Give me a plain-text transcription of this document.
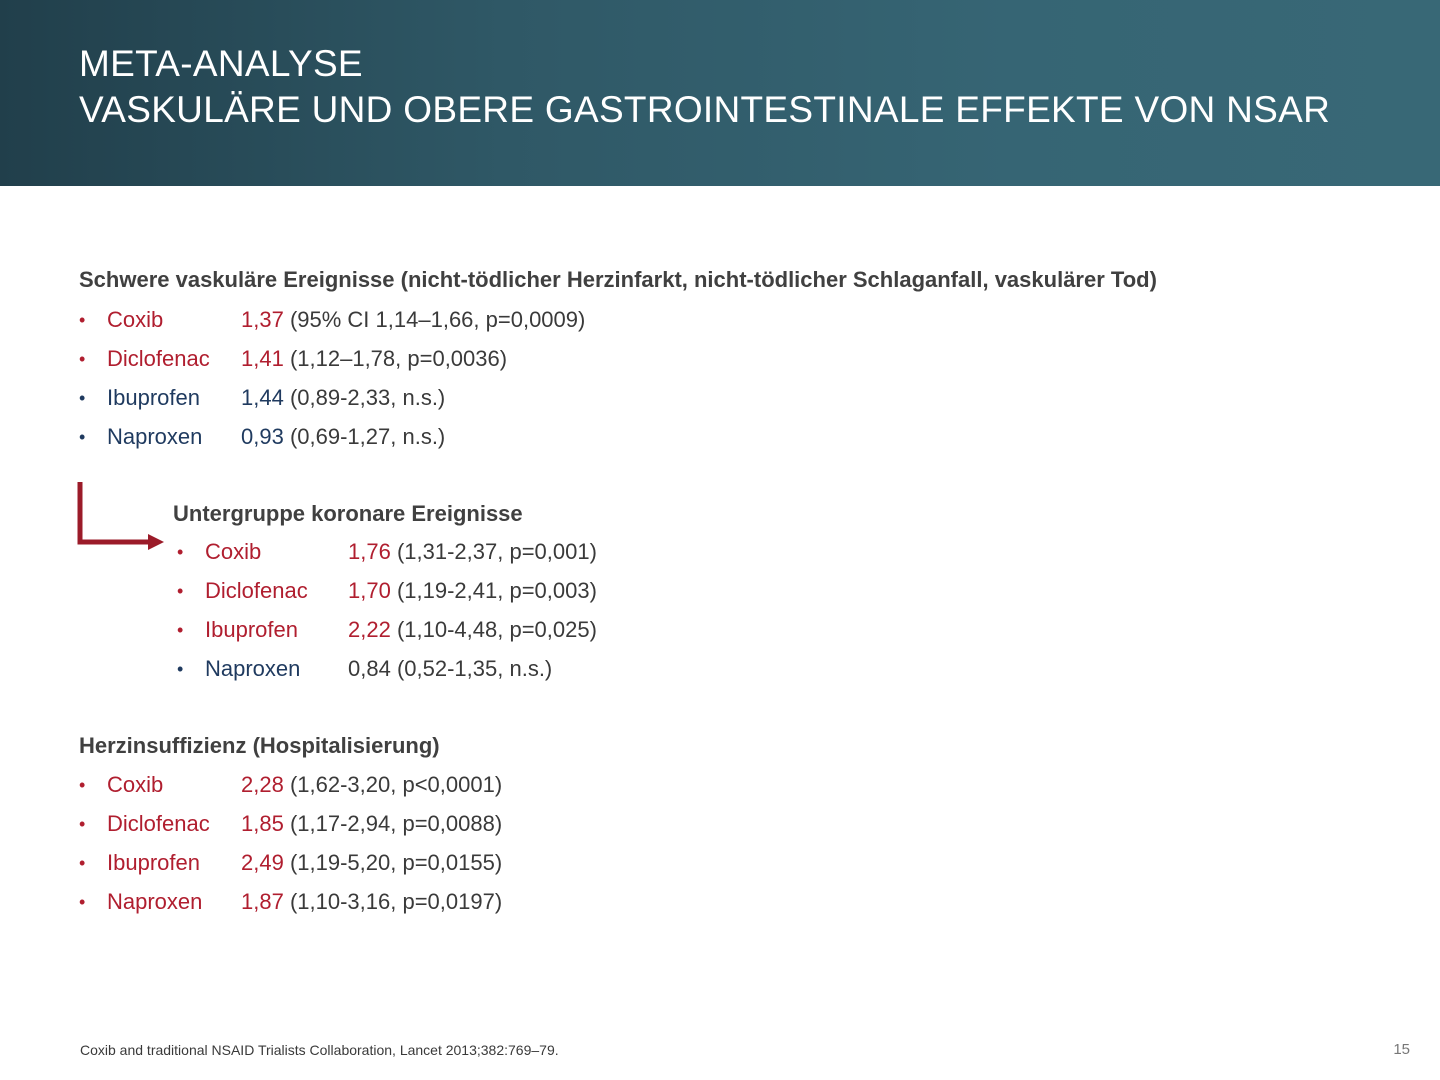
META-ANALYSE
VASKULÄRE UND OBERE GASTROINTESTINALE EFFEKTE VON NSAR
Schwere vaskuläre Ereignisse (nicht-tödlicher Herzinfarkt, nicht-tödlicher Schlaganfall, vaskulärer Tod)
• Coxib	1,37 (95% CI 1,14–1,66, p=0,0009)
• Diclofenac 1,41 (1,12–1,78, p=0,0036)
• Ibuprofen 1,44 (0,89-2,33, n.s.)
• Naproxen 0,93 (0,69-1,27, n.s.)
Untergruppe koronare Ereignisse
• Coxib	1,76 (1,31-2,37, p=0,001)
• Diclofenac 1,70 (1,19-2,41, p=0,003)
• Ibuprofen 2,22 (1,10-4,48, p=0,025)
• Naproxen 0,84 (0,52-1,35, n.s.)
Herzinsuffizienz (Hospitalisierung)
• Coxib	2,28 (1,62-3,20, p<0,0001)
• Diclofenac 1,85 (1,17-2,94, p=0,0088)
• Ibuprofen 2,49 (1,19-5,20, p=0,0155)
• Naproxen 1,87 (1,10-3,16, p=0,0197)
Coxib and traditional NSAID Trialists Collaboration, Lancet 2013;382:769–79.	15
